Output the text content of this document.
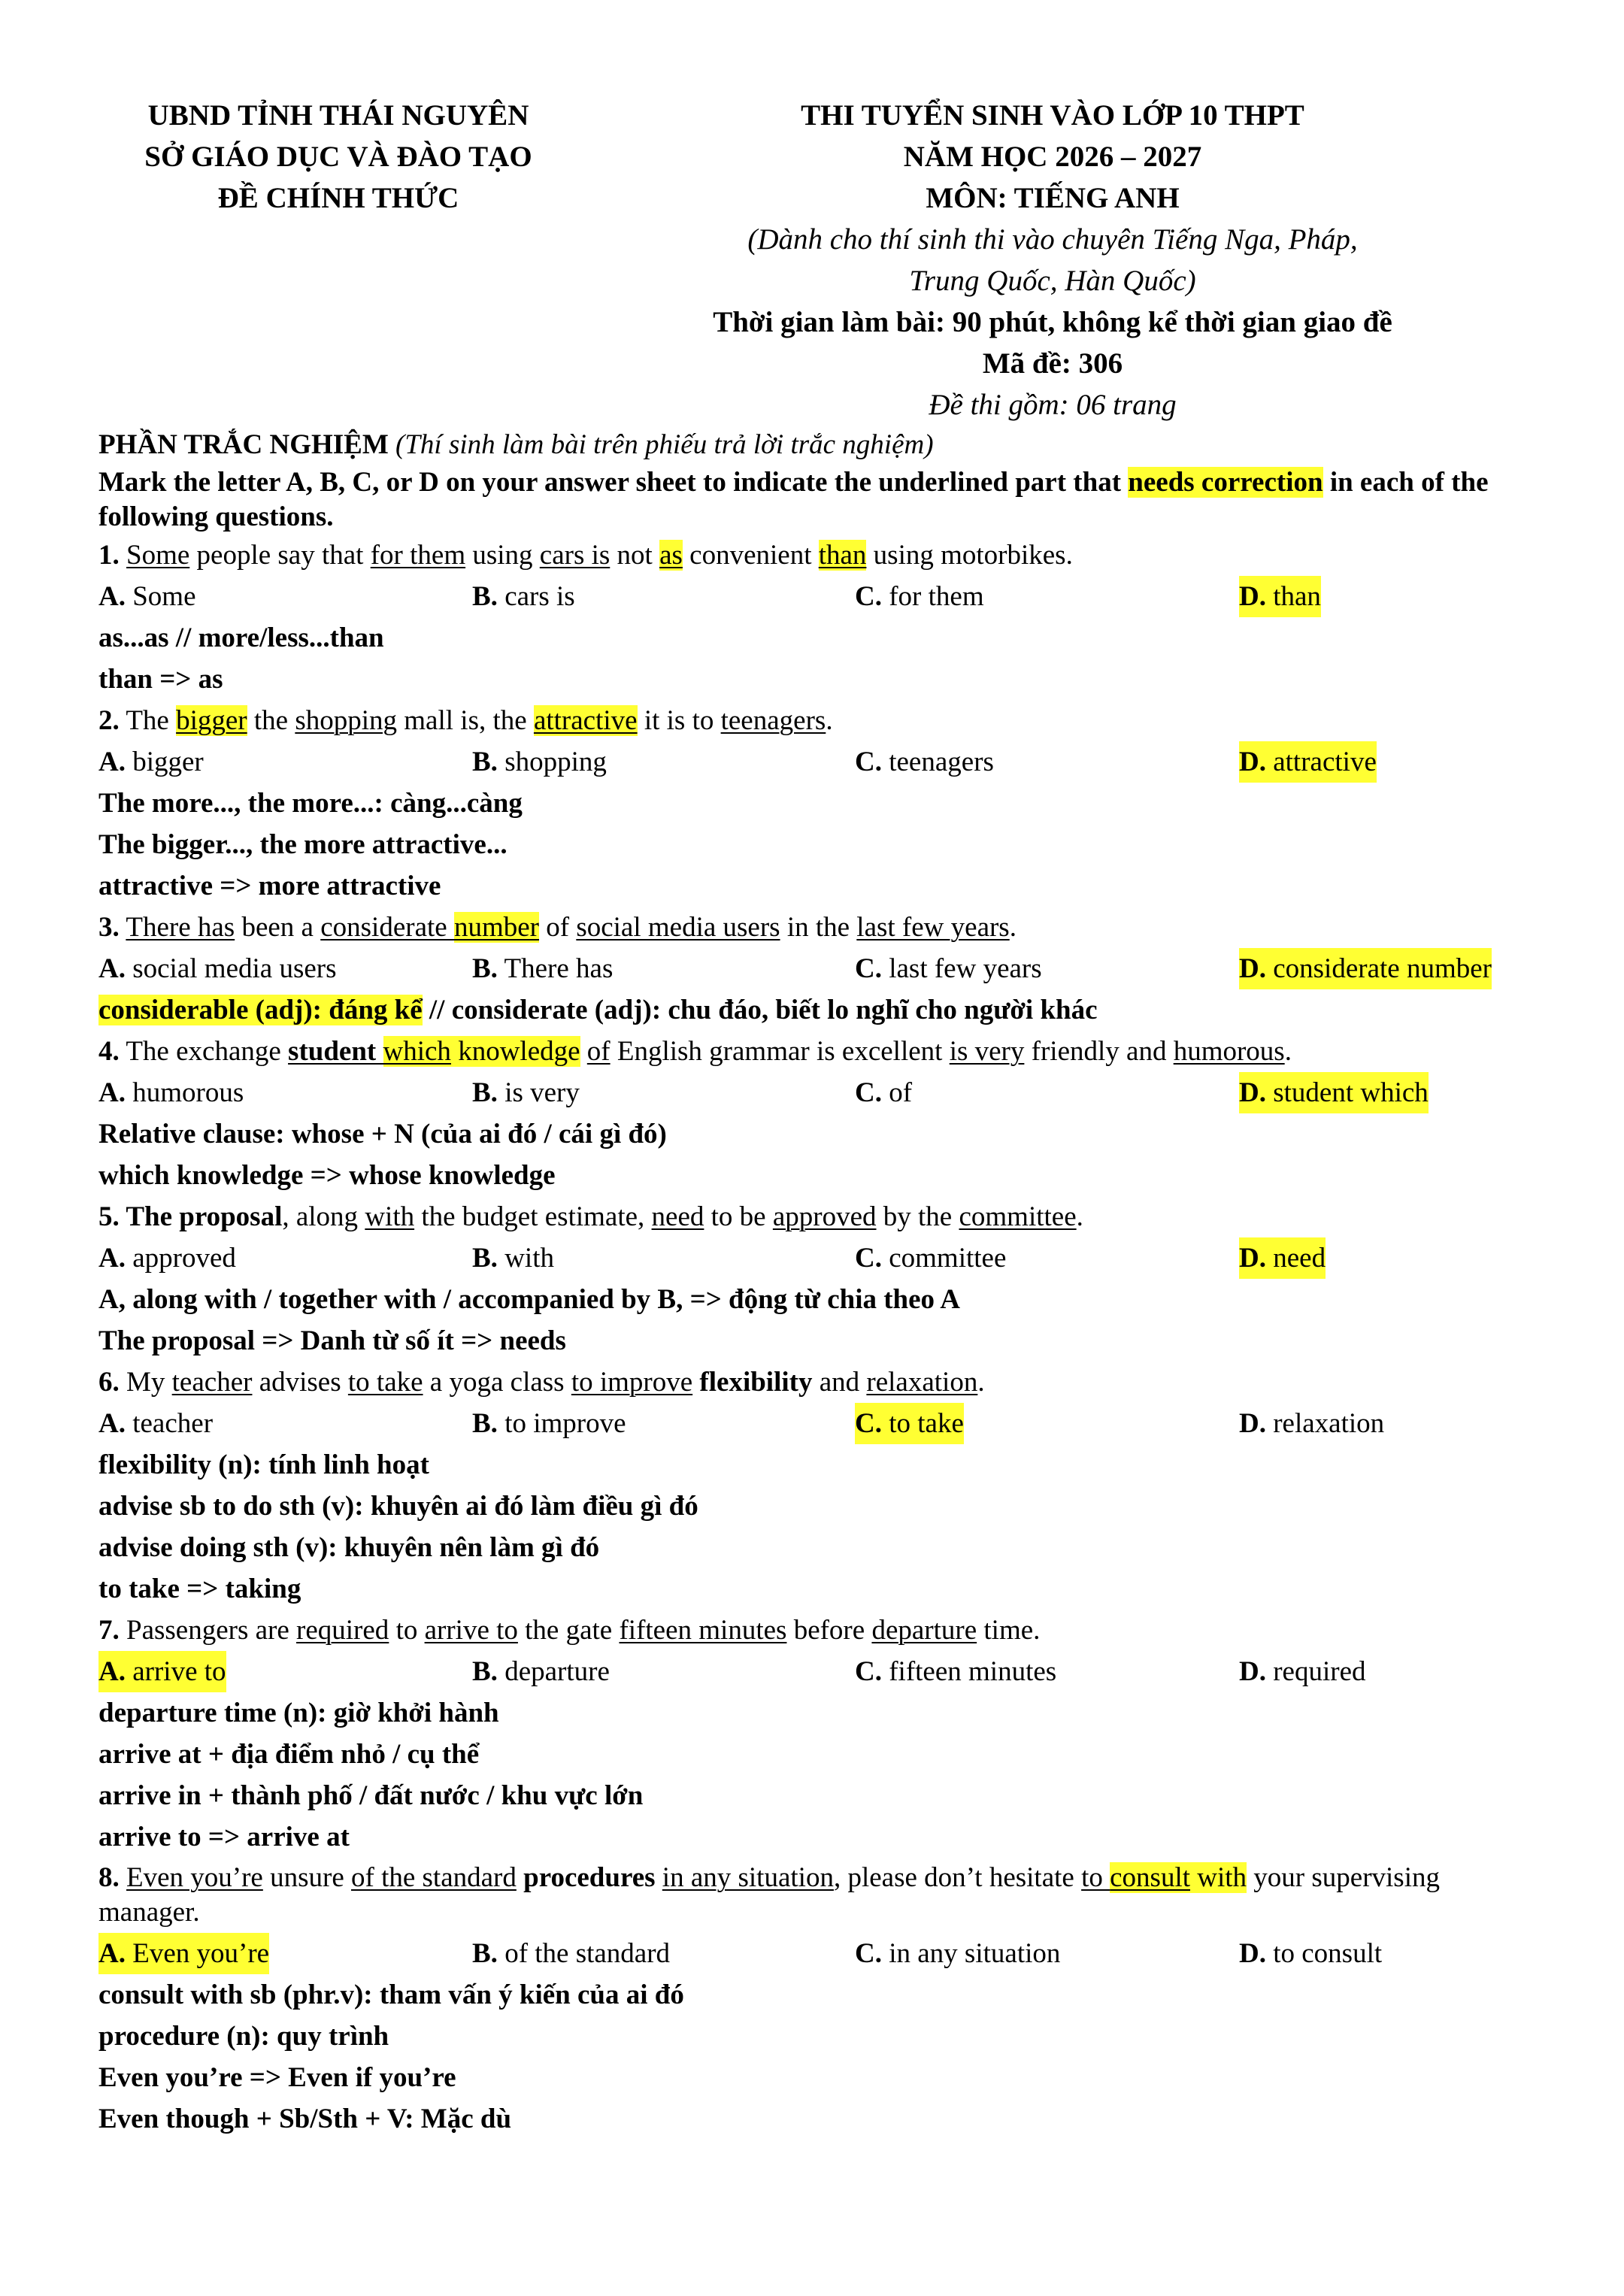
UBND TỈNH THÁI NGUYÊN
SỞ GIÁO DỤC VÀ ĐÀO TẠO
ĐỀ CHÍNH THỨC
THI TUYỂN SINH VÀO LỚP 10 THPT
NĂM HỌC 2026 – 2027
MÔN: TIẾNG ANH
(Dành cho thí sinh thi vào chuyên Tiếng Nga, Pháp,
Trung Quốc, Hàn Quốc)
Thời gian làm bài: 90 phút, không kể thời gian giao đề
Mã đề: 306
Đề thi gồm: 06 trang
PHẦN TRẮC NGHIỆM (Thí sinh làm bài trên phiếu trả lời trắc nghiệm)
Mark the letter A, B, C, or D on your answer sheet to indicate the underlined part that needs correction in each of the following questions.
1. Some people say that for them using cars is not as convenient than using motorbikes.
A. Some	B. cars is	C. for them	D. than
as...as // more/less...than
than => as
2. The bigger the shopping mall is, the attractive it is to teenagers.
A. bigger	B. shopping	C. teenagers	D. attractive
The more..., the more...: càng...càng
The bigger..., the more attractive...
attractive => more attractive
3. There has been a considerate number of social media users in the last few years.
A. social media users	B. There has	C. last few years	D. considerate number
considerable (adj): đáng kể // considerate (adj): chu đáo, biết lo nghĩ cho người khác
4. The exchange student which knowledge of English grammar is excellent is very friendly and humorous.
A. humorous	B. is very	C. of	D. student which
Relative clause: whose + N (của ai đó / cái gì đó)
which knowledge => whose knowledge
5. The proposal, along with the budget estimate, need to be approved by the committee.
A. approved	B. with	C. committee	D. need
A, along with / together with / accompanied by B, => động từ chia theo A
The proposal => Danh từ số ít => needs
6. My teacher advises to take a yoga class to improve flexibility and relaxation.
A. teacher	B. to improve	C. to take	D. relaxation
flexibility (n): tính linh hoạt
advise sb to do sth (v): khuyên ai đó làm điều gì đó
advise doing sth (v): khuyên nên làm gì đó
to take => taking
7. Passengers are required to arrive to the gate fifteen minutes before departure time.
A. arrive to	B. departure	C. fifteen minutes	D. required
departure time (n): giờ khởi hành
arrive at + địa điểm nhỏ / cụ thể
arrive in + thành phố / đất nước / khu vực lớn
arrive to => arrive at
8. Even you’re unsure of the standard procedures in any situation, please don’t hesitate to consult with your supervising manager.
A. Even you’re	B. of the standard	C. in any situation	D. to consult
consult with sb (phr.v): tham vấn ý kiến của ai đó
procedure (n): quy trình
Even you’re => Even if you’re
Even though + Sb/Sth + V: Mặc dù
